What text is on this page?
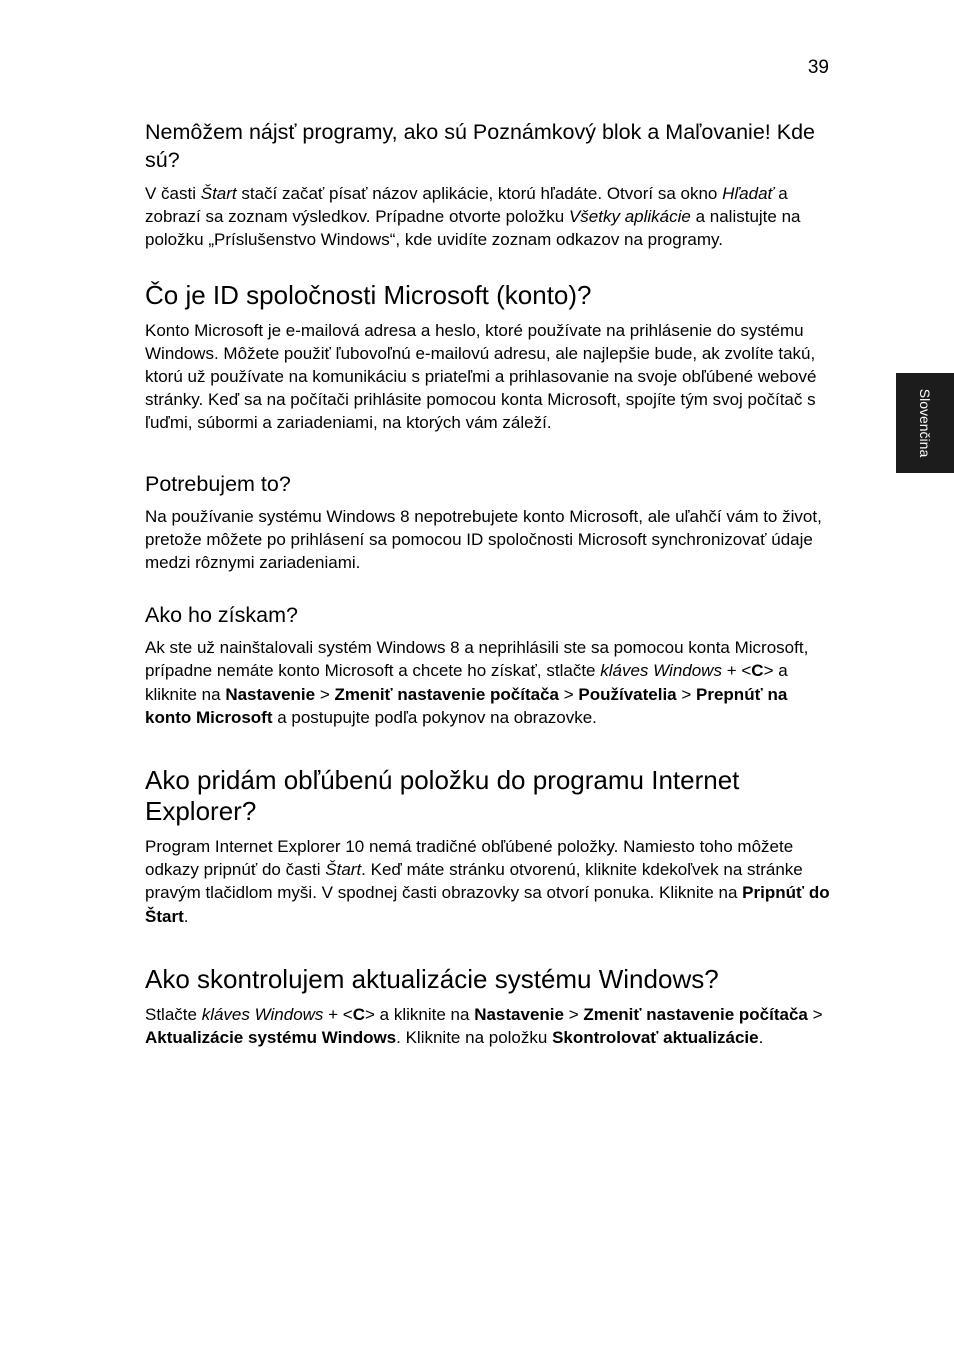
39
Slovenčina
Nemôžem nájsť programy, ako sú Poznámkový blok a Maľovanie! Kde sú?

V časti Štart stačí začať písať názov aplikácie, ktorú hľadáte. Otvorí sa okno Hľadať a zobrazí sa zoznam výsledkov. Prípadne otvorte položku Všetky aplikácie a nalistujte na položku „Príslušenstvo Windows“, kde uvidíte zoznam odkazov na programy.

Čo je ID spoločnosti Microsoft (konto)?

Konto Microsoft je e-mailová adresa a heslo, ktoré používate na prihlásenie do systému Windows. Môžete použiť ľubovoľnú e-mailovú adresu, ale najlepšie bude, ak zvolíte takú, ktorú už používate na komunikáciu s priateľmi a prihlasovanie na svoje obľúbené webové stránky. Keď sa na počítači prihlásite pomocou konta Microsoft, spojíte tým svoj počítač s ľuďmi, súbormi a zariadeniami, na ktorých vám záleží.

Potrebujem to?

Na používanie systému Windows 8 nepotrebujete konto Microsoft, ale uľahčí vám to život, pretože môžete po prihlásení sa pomocou ID spoločnosti Microsoft synchronizovať údaje medzi rôznymi zariadeniami.

Ako ho získam?

Ak ste už nainštalovali systém Windows 8 a neprihlásili ste sa pomocou konta Microsoft, prípadne nemáte konto Microsoft a chcete ho získať, stlačte kláves Windows + <C> a kliknite na Nastavenie > Zmeniť nastavenie počítača > Používatelia > Prepnúť na konto Microsoft a postupujte podľa pokynov na obrazovke.

Ako pridám obľúbenú položku do programu Internet Explorer?

Program Internet Explorer 10 nemá tradičné obľúbené položky. Namiesto toho môžete odkazy pripnúť do časti Štart. Keď máte stránku otvorenú, kliknite kdekoľvek na stránke pravým tlačidlom myši. V spodnej časti obrazovky sa otvorí ponuka. Kliknite na Pripnúť do Štart.

Ako skontrolujem aktualizácie systému Windows?

Stlačte kláves Windows + <C> a kliknite na Nastavenie > Zmeniť nastavenie počítača > Aktualizácie systému Windows. Kliknite na položku Skontrolovať aktualizácie.
